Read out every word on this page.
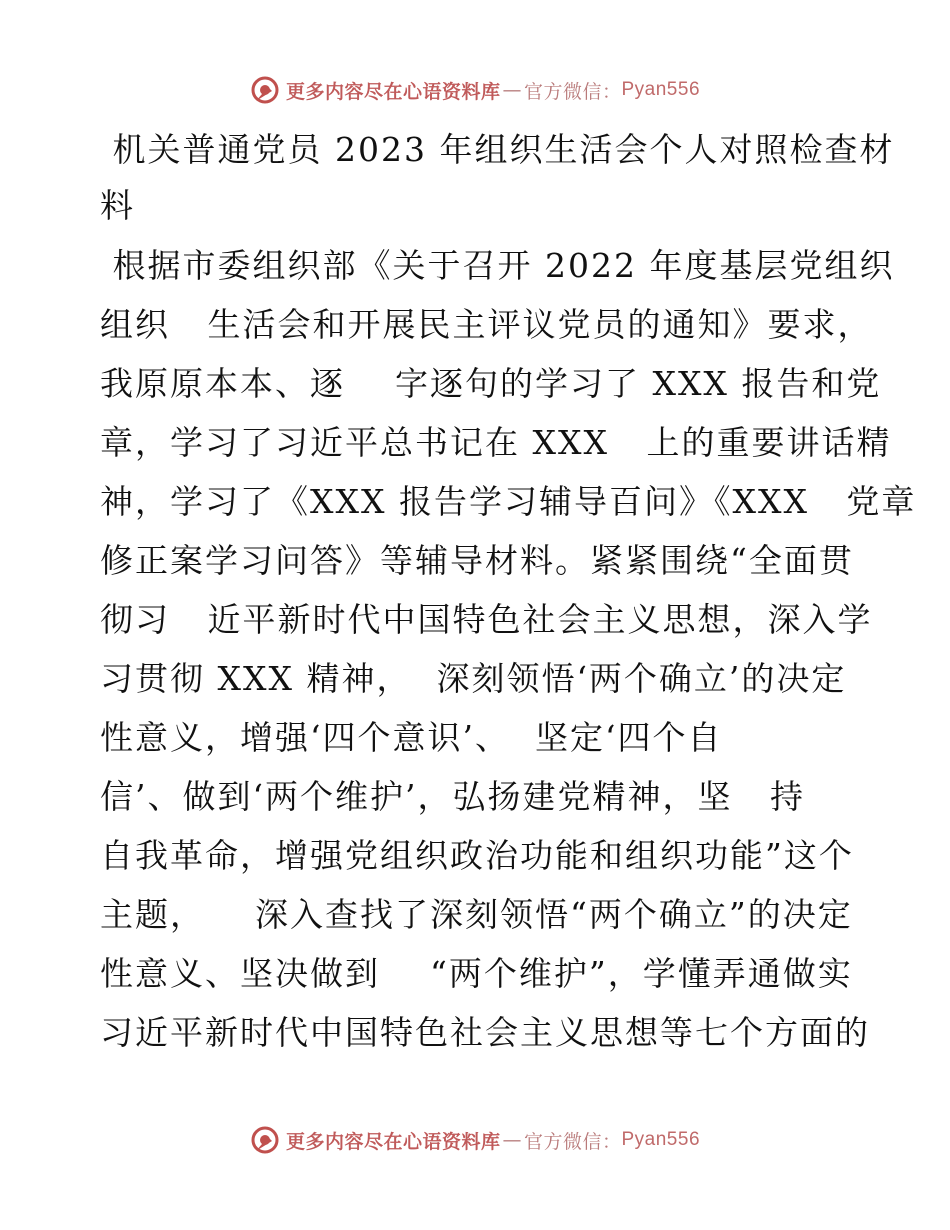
更多内容尽在心语资料库 — 官方微信： Pyan556
机关普通党员 2023 年组织生活会个人对照检查材
料

根据市委组织部《关于召开 2022 年度基层党组织

组织   生活会和开展民主评议党员的通知》要求，

我原原本本、逐    字逐句的学习了 XXX 报告和党

章，学习了习近平总书记在 XXX   上的重要讲话精

神，学习了《XXX 报告学习辅导百问》《XXX   党章

修正案学习问答》等辅导材料。紧紧围绕“全面贯

彻习   近平新时代中国特色社会主义思想，深入学

习贯彻 XXX 精神，  深刻领悟‘两个确立’的决定

性意义，增强‘四个意识’、  坚定‘四个自

信’、做到‘两个维护’，弘扬建党精神，坚   持

自我革命，增强党组织政治功能和组织功能”这个

主题，    深入查找了深刻领悟“两个确立”的决定

性意义、坚决做到    “两个维护”，学懂弄通做实

习近平新时代中国特色社会主义思想等七个方面的

更多内容尽在心语资料库 — 官方微信： Pyan556
